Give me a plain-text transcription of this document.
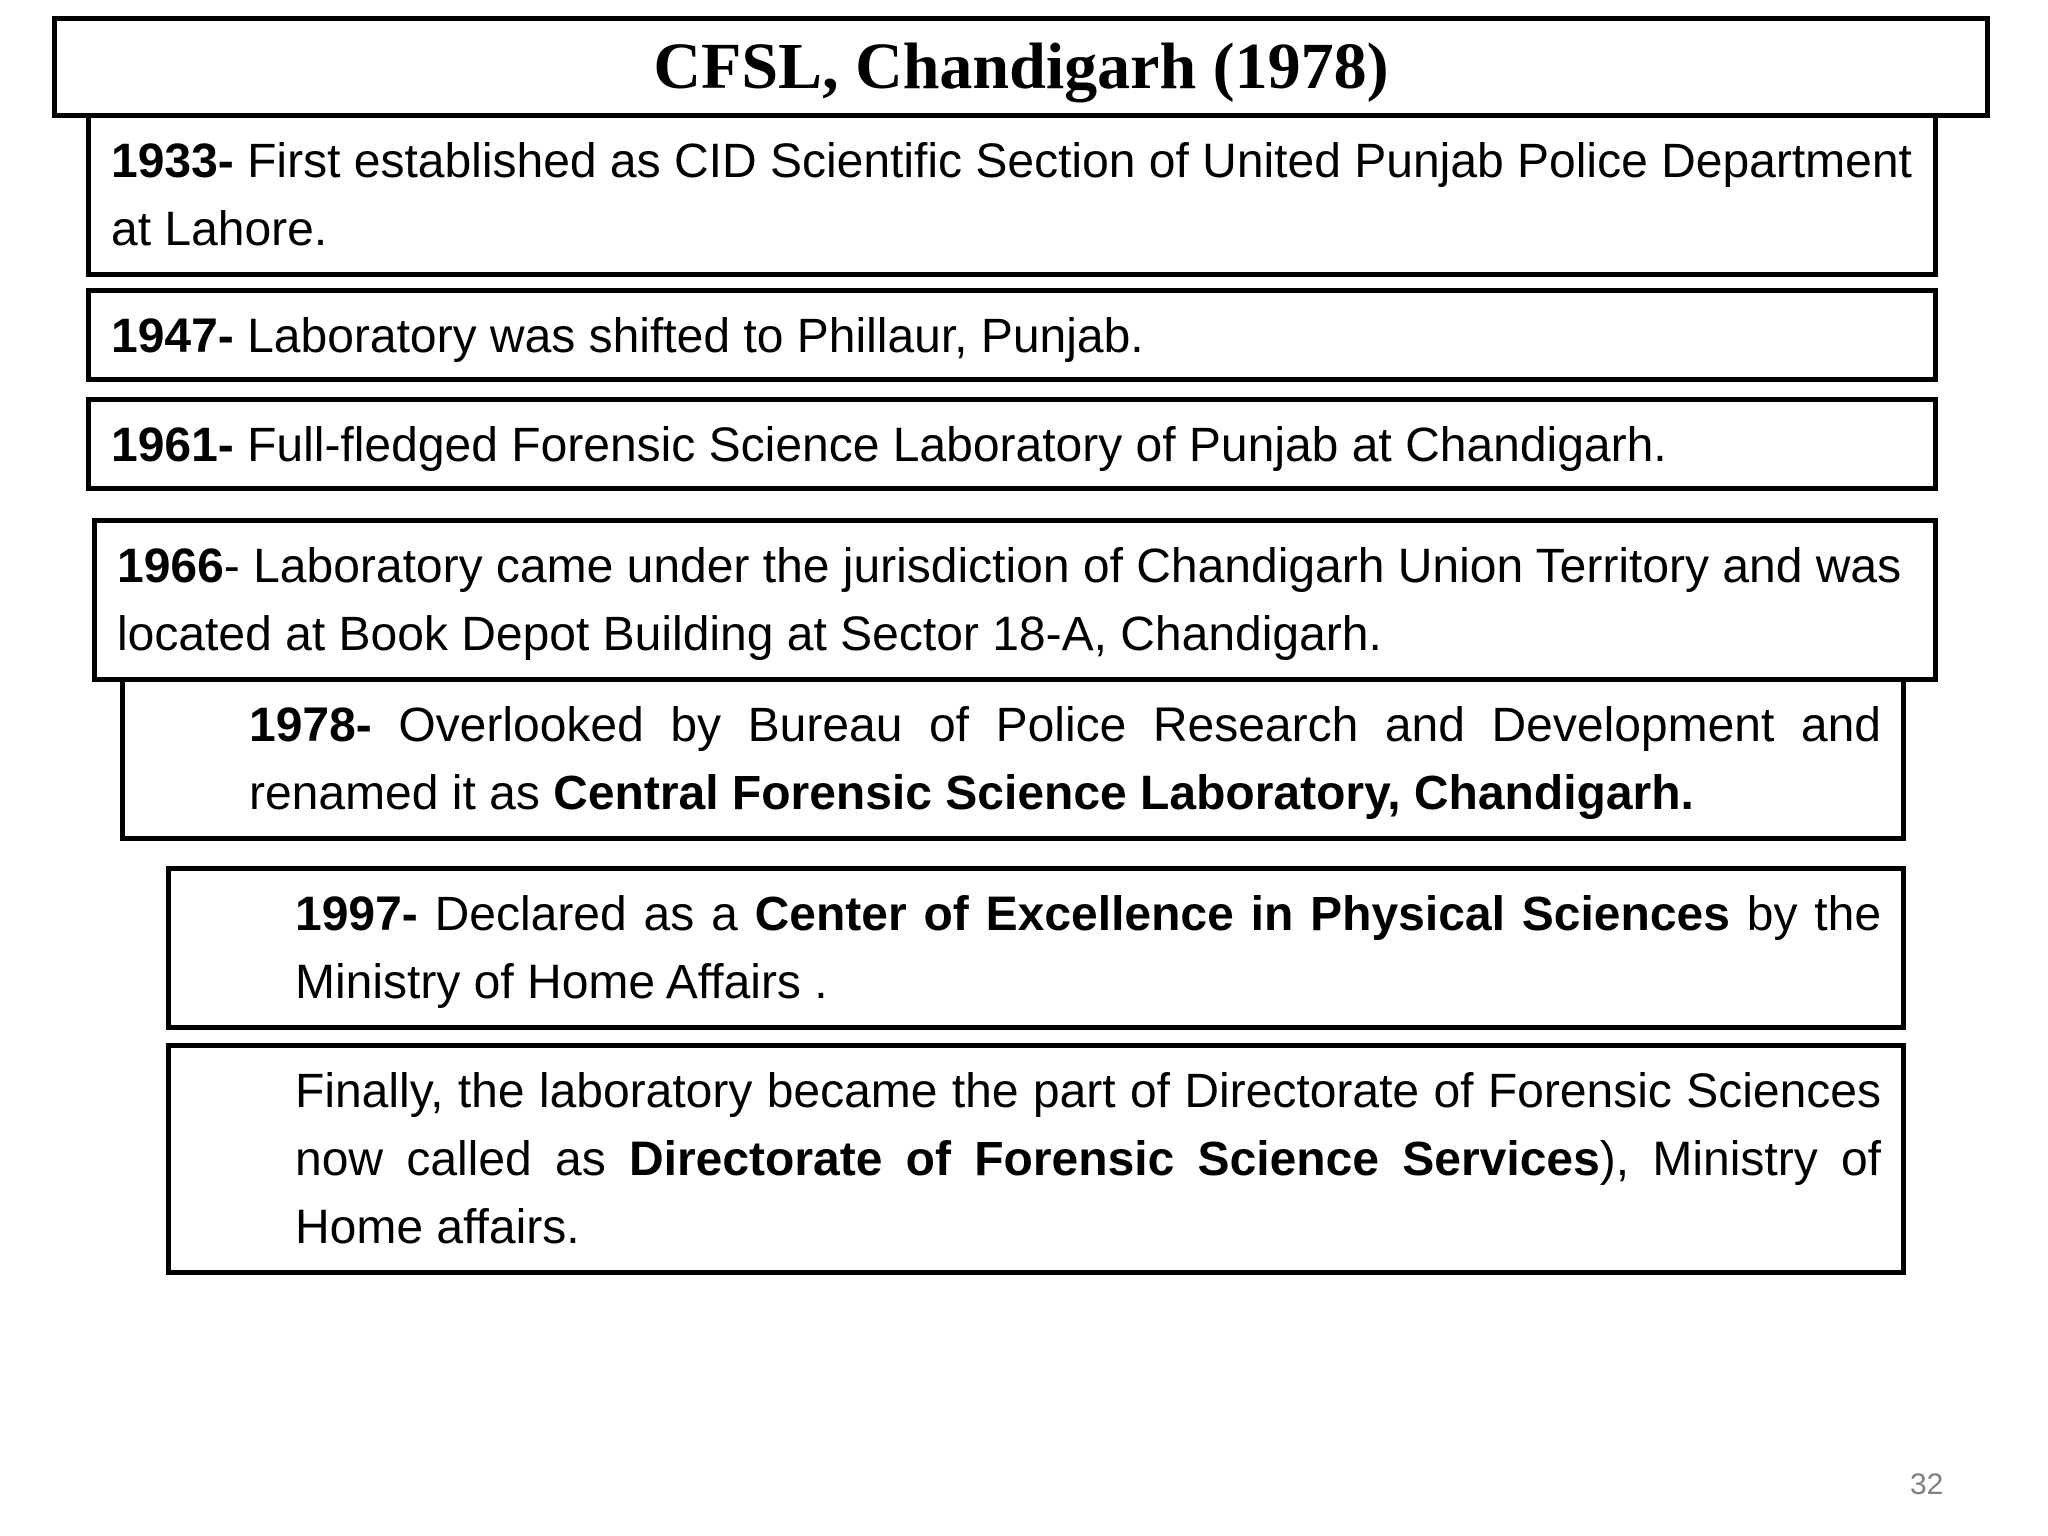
CFSL, Chandigarh (1978)
1933- First established as CID Scientific Section of United Punjab Police Department at Lahore.
1947- Laboratory was shifted to Phillaur, Punjab.
1961- Full-fledged Forensic Science Laboratory of Punjab at Chandigarh.
1966- Laboratory came under the jurisdiction of Chandigarh Union Territory and was located at Book Depot Building at Sector 18-A, Chandigarh.
1978- Overlooked by Bureau of Police Research and Development and renamed it as Central Forensic Science Laboratory, Chandigarh.
1997- Declared as a Center of Excellence in Physical Sciences by the Ministry of Home Affairs .
Finally, the laboratory became the part of Directorate of Forensic Sciences now called as Directorate of Forensic Science Services), Ministry of Home affairs.
32
